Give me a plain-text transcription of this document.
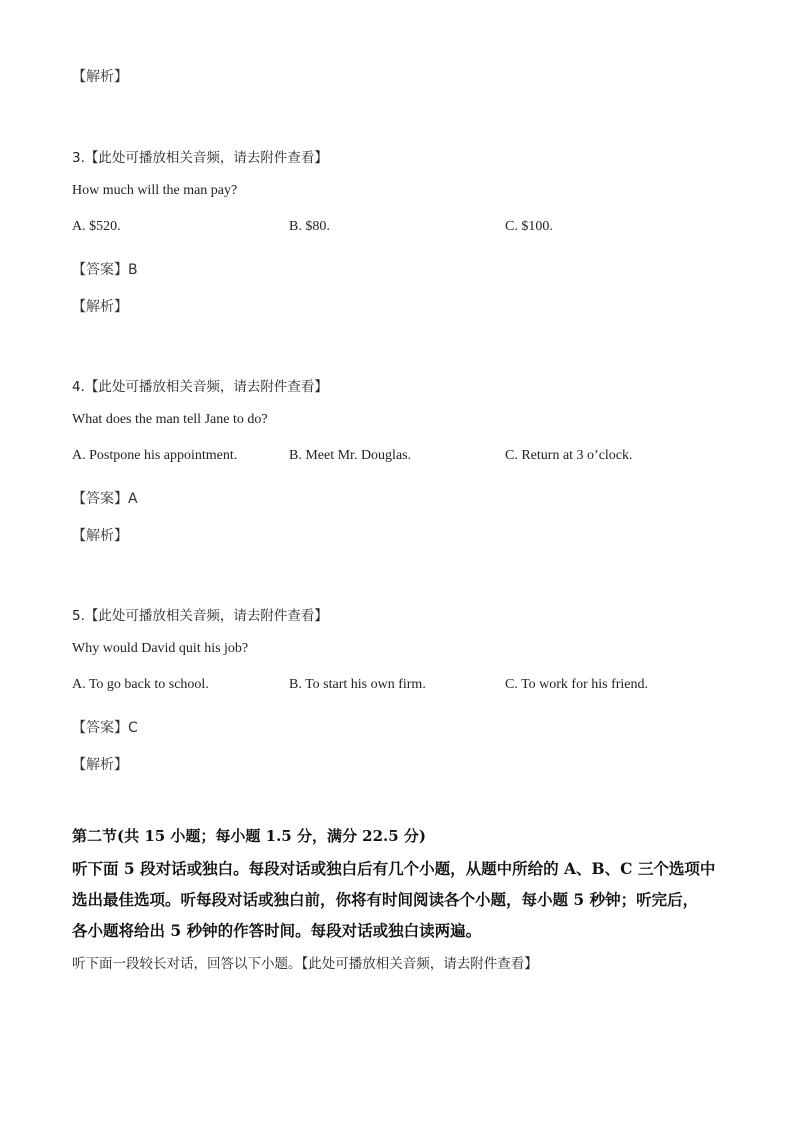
【解析】
3.【此处可播放相关音频，请去附件查看】
How much will the man pay?
A. $520.	B. $80.	C. $100.
【答案】B
【解析】
4.【此处可播放相关音频，请去附件查看】
What does the man tell Jane to do?
A. Postpone his appointment.	B. Meet Mr. Douglas.	C. Return at 3 o’clock.
【答案】A
【解析】
5.【此处可播放相关音频，请去附件查看】
Why would David quit his job?
A. To go back to school.	B. To start his own firm.	C. To work for his friend.
【答案】C
【解析】
第二节(共 15 小题；每小题 1.5 分，满分 22.5 分)
听下面 5 段对话或独白。每段对话或独白后有几个小题，从题中所给的 A、B、C 三个选项中
选出最佳选项。听每段对话或独白前，你将有时间阅读各个小题，每小题 5 秒钟；听完后，
各小题将给出 5 秒钟的作答时间。每段对话或独白读两遍。
听下面一段较长对话，回答以下小题。【此处可播放相关音频，请去附件查看】
